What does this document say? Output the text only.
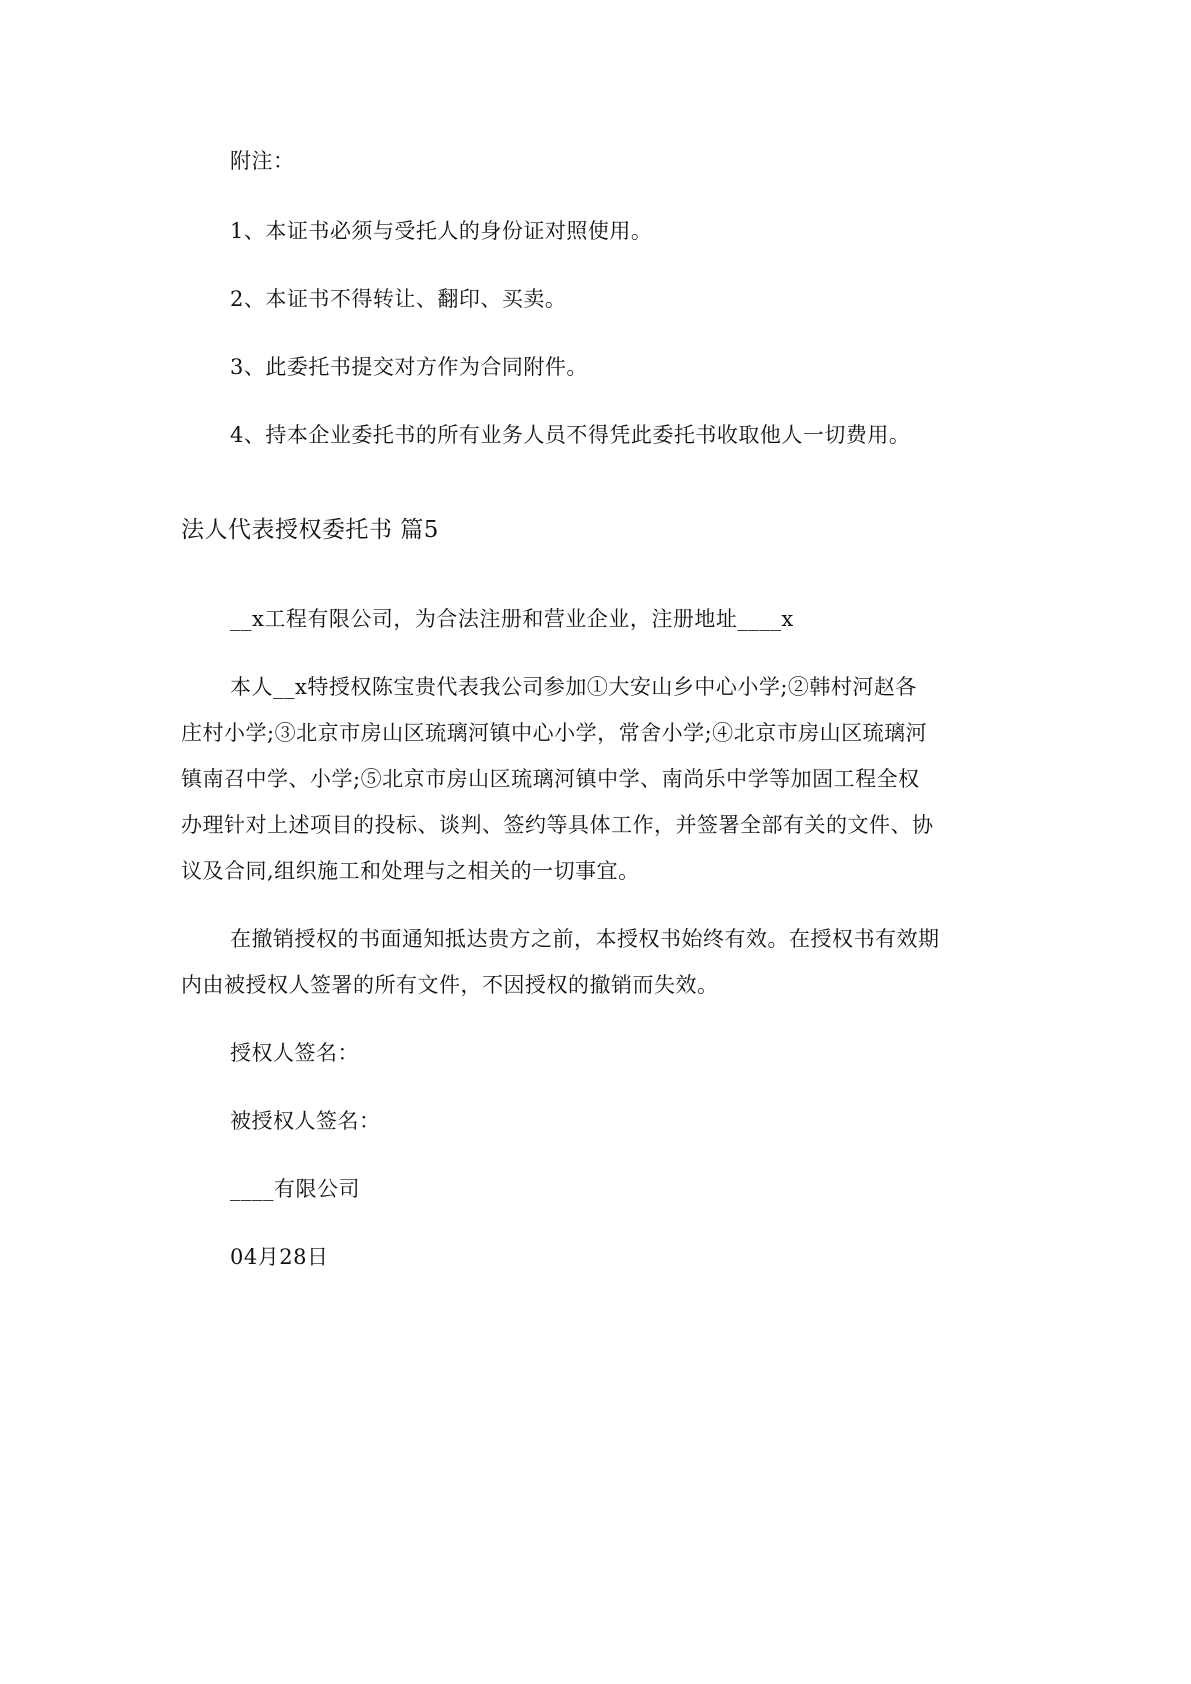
附注：
1、本证书必须与受托人的身份证对照使用。
2、本证书不得转让、翻印、买卖。
3、此委托书提交对方作为合同附件。
4、持本企业委托书的所有业务人员不得凭此委托书收取他人一切费用。
法人代表授权委托书 篇5
__x工程有限公司，为合法注册和营业企业，注册地址____x
本人__x特授权陈宝贵代表我公司参加①大安山乡中心小学;②韩村河赵各
庄村小学;③北京市房山区琉璃河镇中心小学，常舍小学;④北京市房山区琉璃河
镇南召中学、小学;⑤北京市房山区琉璃河镇中学、南尚乐中学等加固工程全权
办理针对上述项目的投标、谈判、签约等具体工作，并签署全部有关的文件、协
议及合同,组织施工和处理与之相关的一切事宜。
在撤销授权的书面通知抵达贵方之前，本授权书始终有效。在授权书有效期
内由被授权人签署的所有文件，不因授权的撤销而失效。
授权人签名：
被授权人签名：
____有限公司
04月28日
